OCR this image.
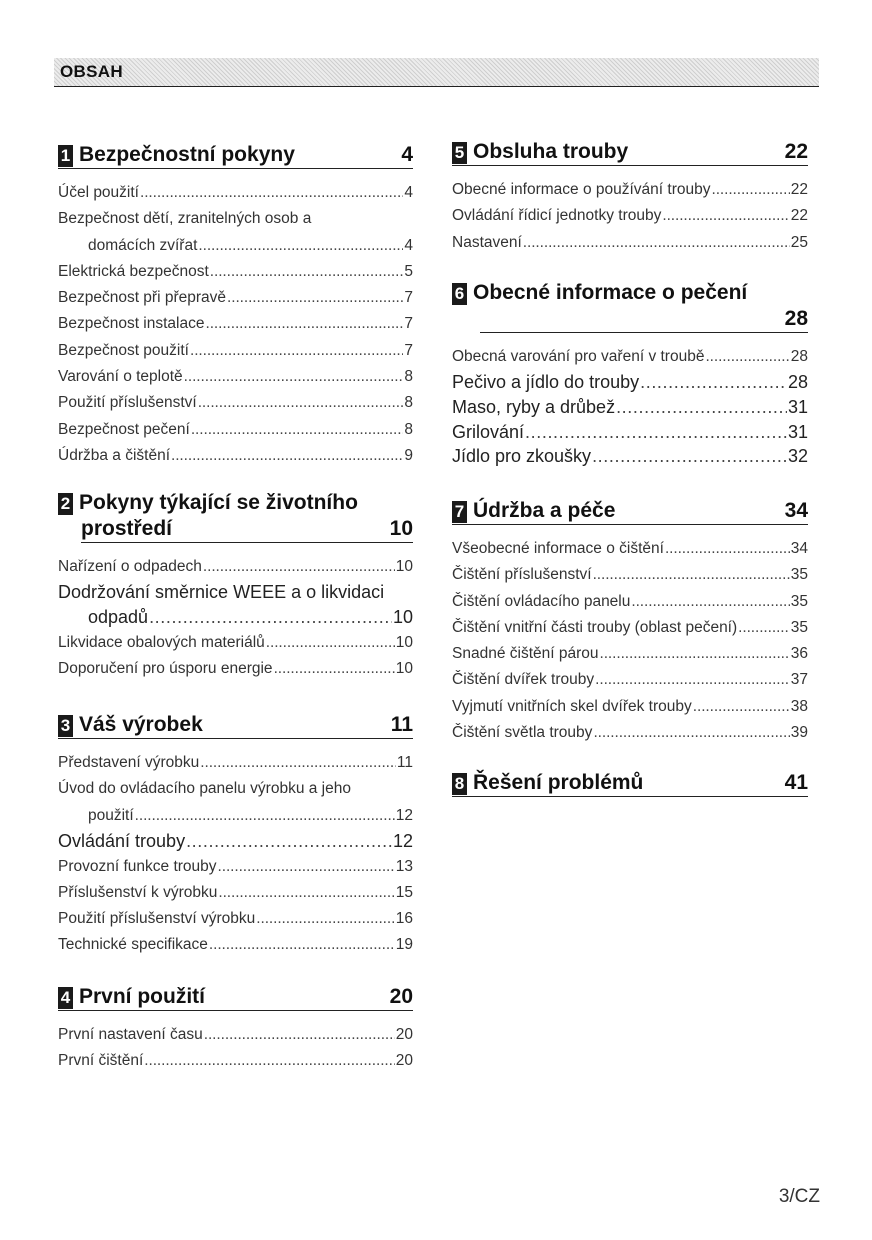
OBSAH
1 Bezpečnostní pokyny	4
Účel použití . . .	4
Bezpečnost dětí, zranitelných osob a
domácích zvířat . . .	4
Elektrická bezpečnost . . .	5
Bezpečnost při přepravě . . .	7
Bezpečnost instalace . . .	7
Bezpečnost použití . . .	7
Varování o teplotě . . .	8
Použití příslušenství . . .	8
Bezpečnost pečení . . .	8
Údržba a čištění . . .	9
2 Pokyny týkající se životního
prostředí	10
Nařízení o odpadech . . .	10
Dodržování směrnice WEEE a o likvidaci
odpadů . . .	10
Likvidace obalových materiálů . . .	10
Doporučení pro úsporu energie . . .	10
3 Váš výrobek	11
Představení výrobku . . .	11
Úvod do ovládacího panelu výrobku a jeho
použití . . .	12
Ovládání trouby . . .	12
Provozní funkce trouby . . .	13
Příslušenství k výrobku . . .	15
Použití příslušenství výrobku . . .	16
Technické specifikace . . .	19
4 První použití	20
První nastavení času . . .	20
První čištění . . .	20
5 Obsluha trouby	22
Obecné informace o používání trouby . . .	22
Ovládání řídicí jednotky trouby . . .	22
Nastavení . . .	25
6 Obecné informace o pečení
28
Obecná varování pro vaření v troubě . . .	28
Pečivo a jídlo do trouby . . .	28
Maso, ryby a drůbež . . .	31
Grilování . . .	31
Jídlo pro zkoušky . . .	32
7 Údržba a péče	34
Všeobecné informace o čištění . . .	34
Čištění příslušenství . . .	35
Čištění ovládacího panelu . . .	35
Čištění vnitřní části trouby (oblast pečení) . . .	35
Snadné čištění párou . . .	36
Čištění dvířek trouby . . .	37
Vyjmutí vnitřních skel dvířek trouby . . .	38
Čištění světla trouby . . .	39
8 Řešení problémů	41
3/CZ
